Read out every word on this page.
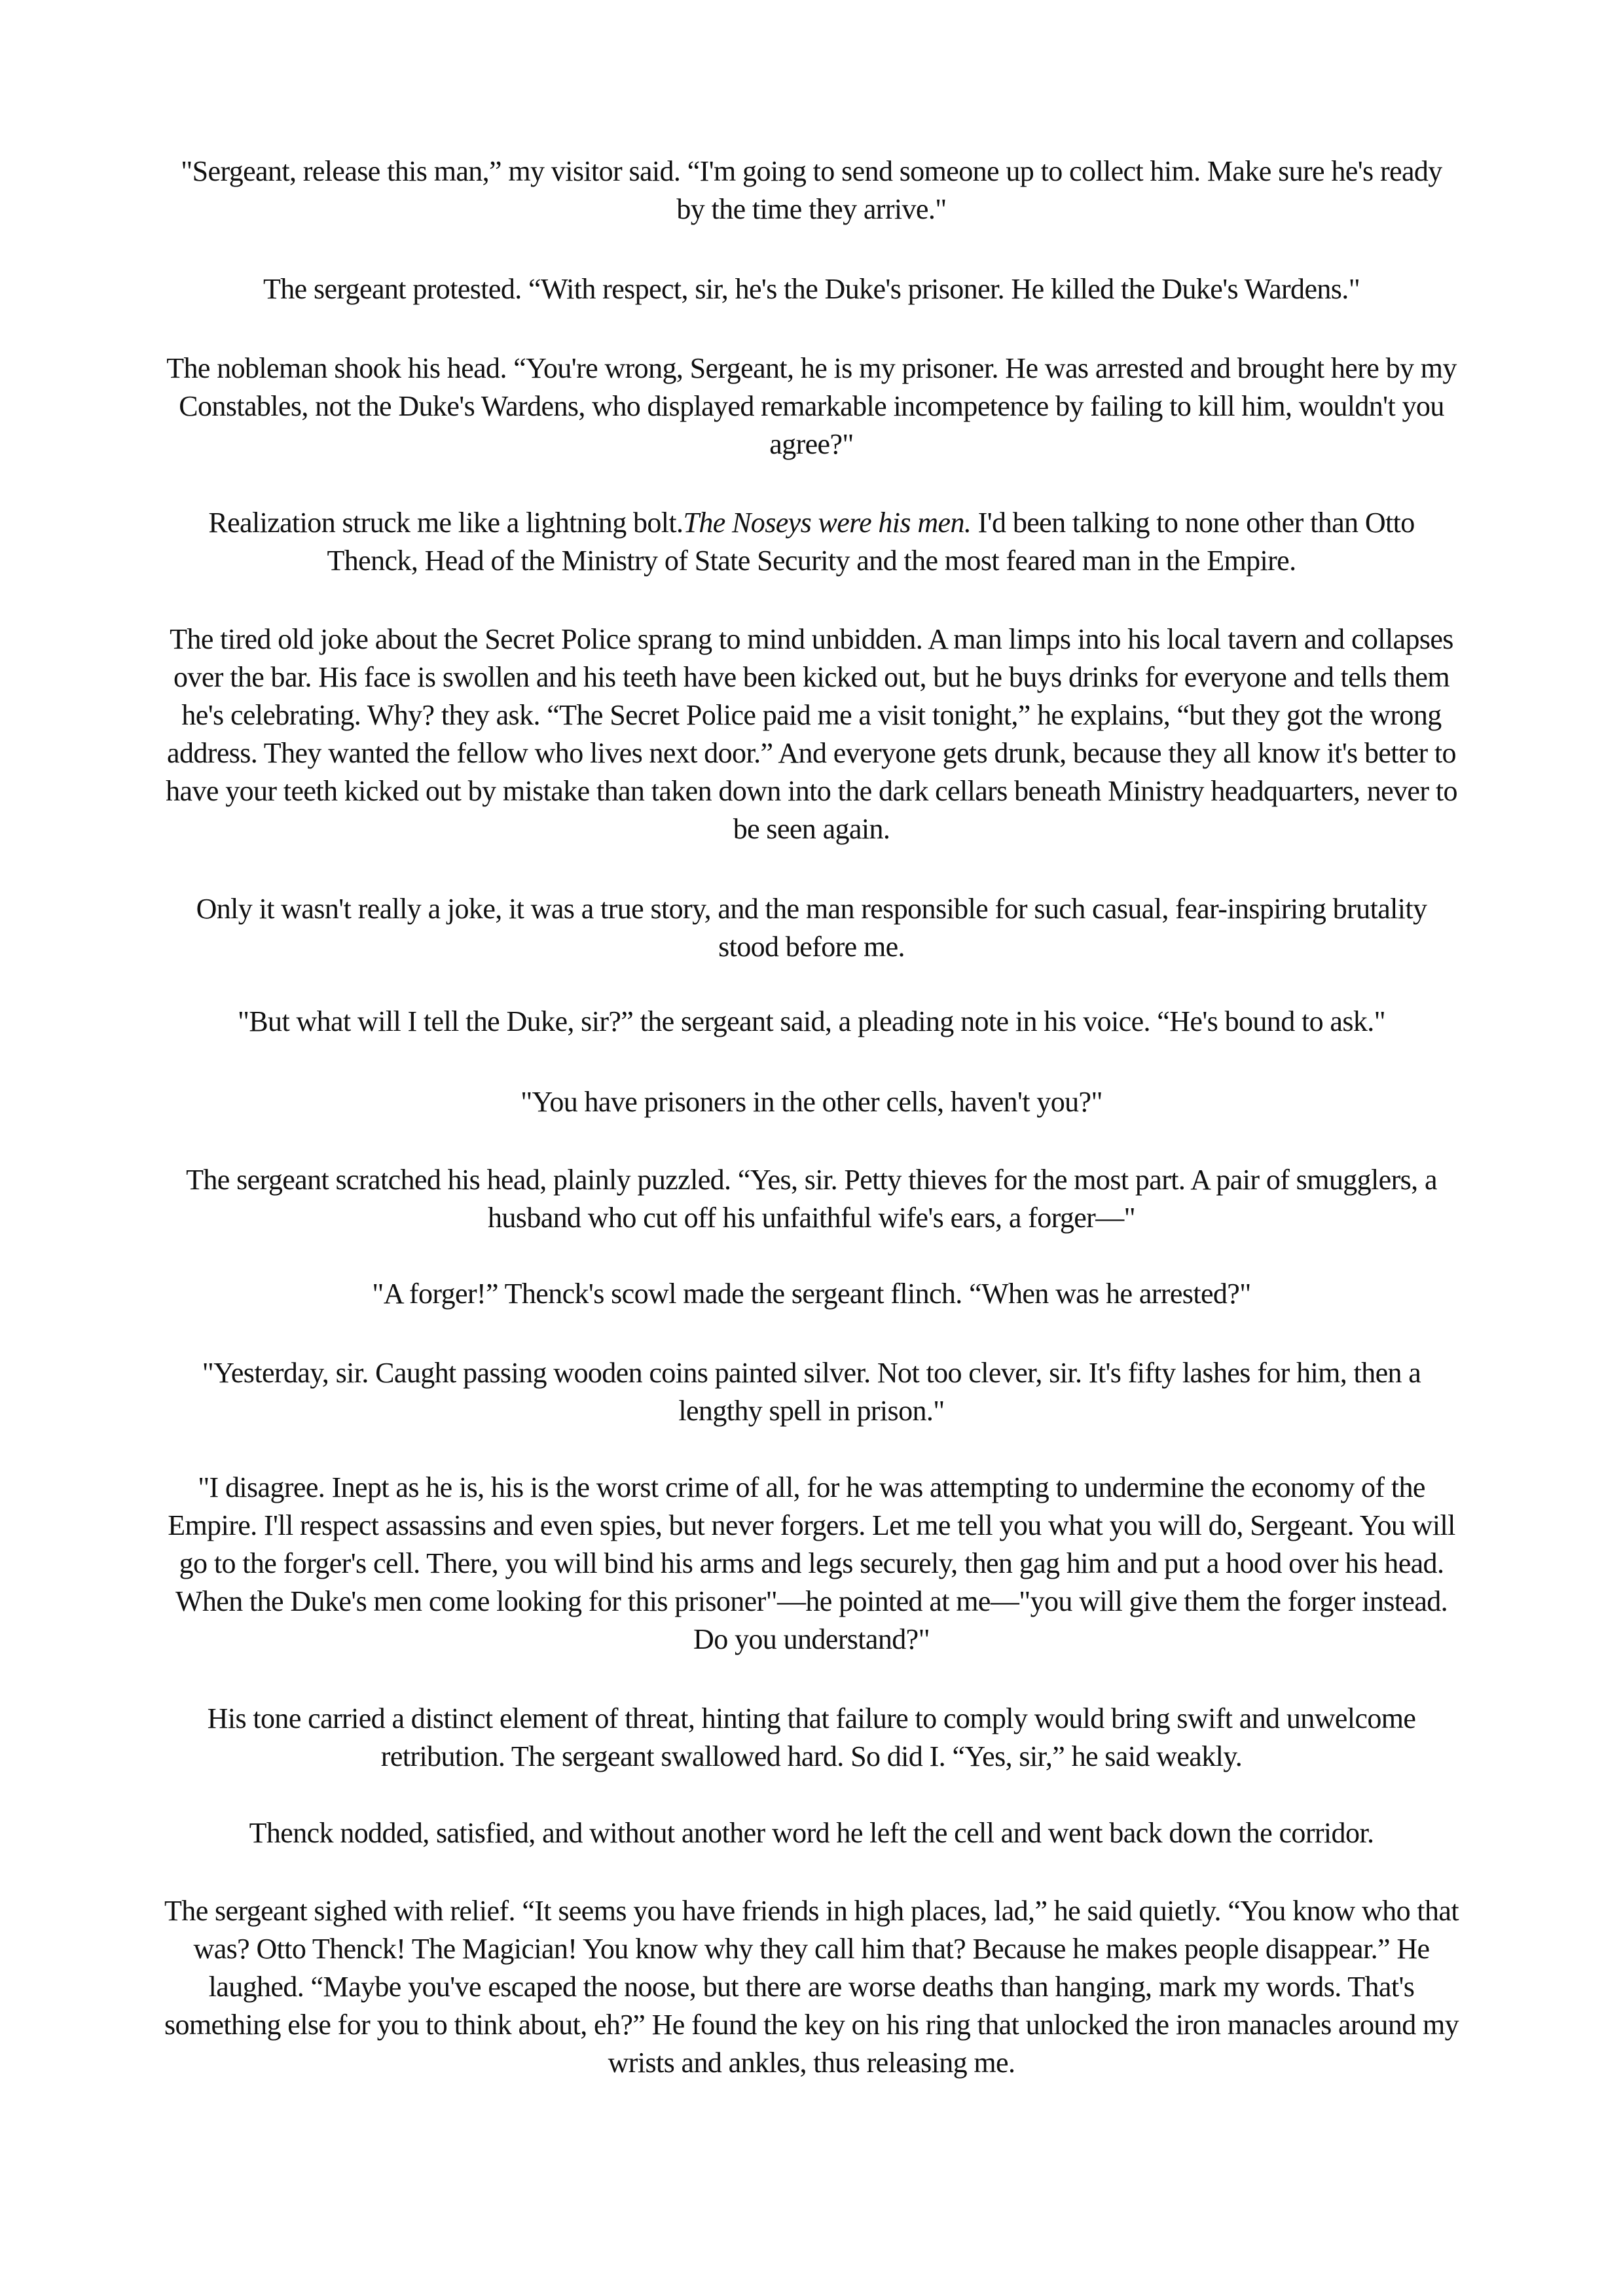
"Sergeant, release this man,” my visitor said. “I'm going to send someone up to collect him. Make sure he's ready by the time they arrive."

The sergeant protested. “With respect, sir, he's the Duke's prisoner. He killed the Duke's Wardens."

The nobleman shook his head. “You're wrong, Sergeant, he is my prisoner. He was arrested and brought here by my Constables, not the Duke's Wardens, who displayed remarkable incompetence by failing to kill him, wouldn't you agree?"

Realization struck me like a lightning bolt.The Noseys were his men. I'd been talking to none other than Otto Thenck, Head of the Ministry of State Security and the most feared man in the Empire.

The tired old joke about the Secret Police sprang to mind unbidden. A man limps into his local tavern and collapses over the bar. His face is swollen and his teeth have been kicked out, but he buys drinks for everyone and tells them he's celebrating. Why? they ask. “The Secret Police paid me a visit tonight,” he explains, “but they got the wrong address. They wanted the fellow who lives next door.” And everyone gets drunk, because they all know it's better to have your teeth kicked out by mistake than taken down into the dark cellars beneath Ministry headquarters, never to be seen again.

Only it wasn't really a joke, it was a true story, and the man responsible for such casual, fear-inspiring brutality stood before me.

"But what will I tell the Duke, sir?” the sergeant said, a pleading note in his voice. “He's bound to ask."

"You have prisoners in the other cells, haven't you?"

The sergeant scratched his head, plainly puzzled. “Yes, sir. Petty thieves for the most part. A pair of smugglers, a husband who cut off his unfaithful wife's ears, a forger—"

"A forger!” Thenck's scowl made the sergeant flinch. “When was he arrested?"

"Yesterday, sir. Caught passing wooden coins painted silver. Not too clever, sir. It's fifty lashes for him, then a lengthy spell in prison."

"I disagree. Inept as he is, his is the worst crime of all, for he was attempting to undermine the economy of the Empire. I'll respect assassins and even spies, but never forgers. Let me tell you what you will do, Sergeant. You will go to the forger's cell. There, you will bind his arms and legs securely, then gag him and put a hood over his head. When the Duke's men come looking for this prisoner"—he pointed at me—"you will give them the forger instead. Do you understand?"

His tone carried a distinct element of threat, hinting that failure to comply would bring swift and unwelcome retribution. The sergeant swallowed hard. So did I. “Yes, sir,” he said weakly.

Thenck nodded, satisfied, and without another word he left the cell and went back down the corridor.

The sergeant sighed with relief. “It seems you have friends in high places, lad,” he said quietly. “You know who that was? Otto Thenck! The Magician! You know why they call him that? Because he makes people disappear.” He laughed. “Maybe you've escaped the noose, but there are worse deaths than hanging, mark my words. That's something else for you to think about, eh?” He found the key on his ring that unlocked the iron manacles around my wrists and ankles, thus releasing me.
